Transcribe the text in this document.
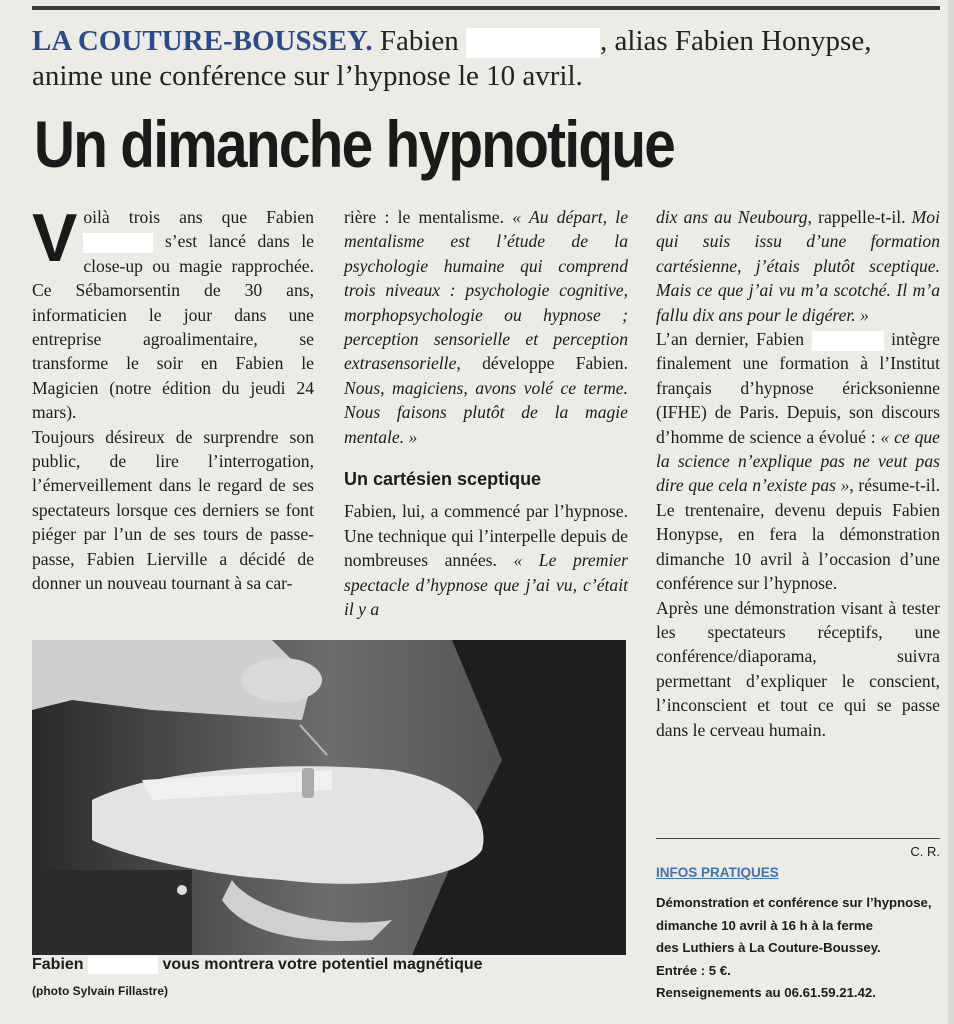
LA COUTURE-BOUSSEY. Fabien	, alias Fabien Honypse, anime une conférence sur l’hypnose le 10 avril.
Un dimanche hypnotique

Voilà trois ans que Fabien  s’est lancé dans le close-up ou magie rapprochée. Ce Sébamorsentin de 30 ans, informaticien le jour dans une entreprise agroalimentaire, se transforme le soir en Fabien le Magicien (notre édition du jeudi 24 mars).

Toujours désireux de surprendre son public, de lire l’interrogation, l’émerveillement dans le regard de ses spectateurs lorsque ces derniers se font piéger par l’un de ses tours de passe-passe, Fabien Lierville a décidé de donner un nouveau tournant à sa car-

rière : le mentalisme. « Au départ, le mentalisme est l’étude de la psychologie humaine qui comprend trois niveaux : psychologie cognitive, morphopsychologie ou hypnose ; perception sensorielle et perception extrasensorielle, développe Fabien. Nous, magiciens, avons volé ce terme. Nous faisons plutôt de la magie mentale. »

Un cartésien sceptique

Fabien, lui, a commencé par l’hypnose. Une technique qui l’interpelle depuis de nombreuses années. « Le premier spectacle d’hypnose que j’ai vu, c’était il y a

dix ans au Neubourg, rappelle-t-il. Moi qui suis issu d’une formation cartésienne, j’étais plutôt sceptique. Mais ce que j’ai vu m’a scotché. Il m’a fallu dix ans pour le digérer. »

L’an dernier, Fabien	intègre finalement une formation à l’Institut français d’hypnose éricksonienne (IFHE) de Paris. Depuis, son discours d’homme de science a évolué : « ce que la science n’explique pas ne veut pas dire que cela n’existe pas », résume-t-il. Le trentenaire, devenu depuis Fabien Honypse, en fera la démonstration dimanche 10 avril à l’occasion d’une conférence sur l’hypnose.

Après une démonstration visant à tester les spectateurs réceptifs, une conférence/diaporama, suivra permettant d’expliquer le conscient, l’inconscient et tout ce qui se passe dans le cerveau humain.

Fabien	vous montrera votre potentiel magnétique
(photo Sylvain Fillastre)
C. R.
INFOS PRATIQUES
Démonstration et conférence sur l’hypnose,
dimanche 10 avril à 16 h à la ferme
des Luthiers à La Couture-Boussey.
Entrée : 5 €.
Renseignements au 06.61.59.21.42.
